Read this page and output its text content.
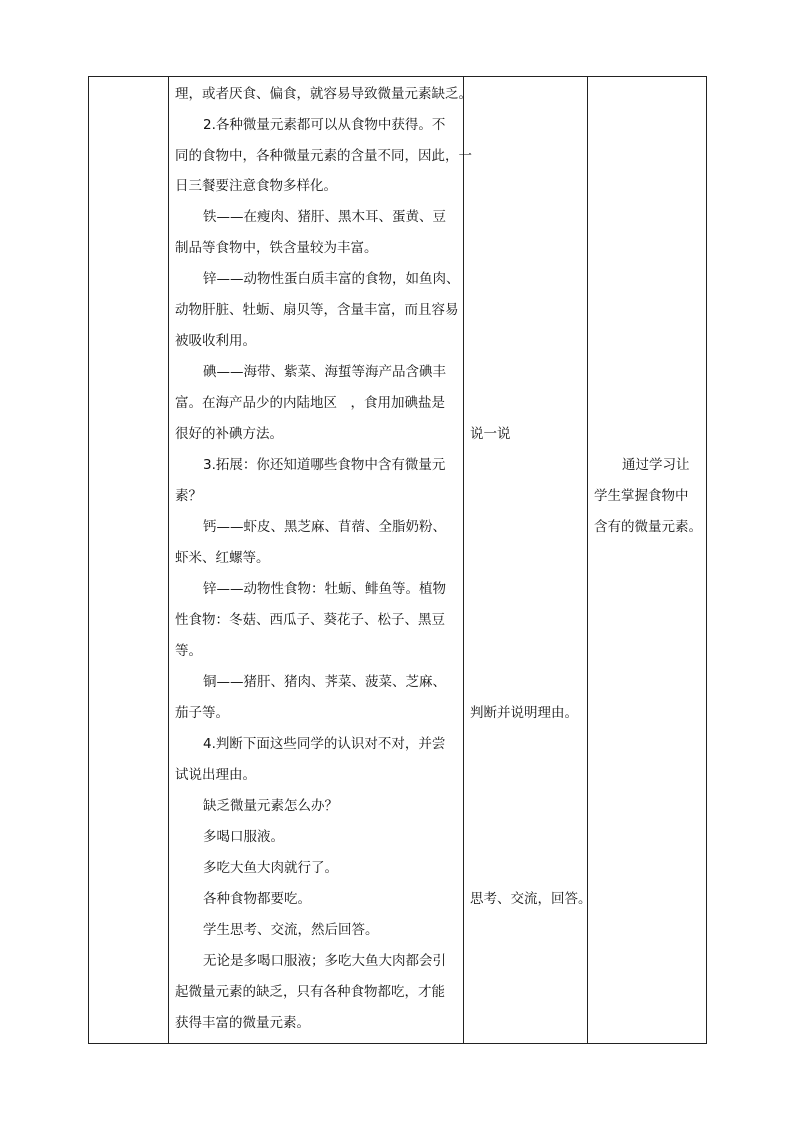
理，或者厌食、偏食，就容易导致微量元素缺乏。
2.各种微量元素都可以从食物中获得。不
同的食物中，各种微量元素的含量不同，因此，一
日三餐要注意食物多样化。
铁——在瘦肉、猪肝、黑木耳、蛋黄、豆
制品等食物中，铁含量较为丰富。
锌——动物性蛋白质丰富的食物，如鱼肉、
动物肝脏、牡蛎、扇贝等，含量丰富，而且容易
被吸收利用。
碘——海带、紫菜、海蜇等海产品含碘丰
富。在海产品少的内陆地区　，食用加碘盐是
很好的补碘方法。
3.拓展：你还知道哪些食物中含有微量元
素？
钙——虾皮、黑芝麻、苜蓿、全脂奶粉、
虾米、红螺等。
锌——动物性食物：牡蛎、鲱鱼等。植物
性食物：冬菇、西瓜子、葵花子、松子、黑豆
等。
铜——猪肝、猪肉、荠菜、菠菜、芝麻、
茄子等。
4.判断下面这些同学的认识对不对，并尝
试说出理由。
缺乏微量元素怎么办？
多喝口服液。
多吃大鱼大肉就行了。
各种食物都要吃。
学生思考、交流，然后回答。
无论是多喝口服液；多吃大鱼大肉都会引
起微量元素的缺乏，只有各种食物都吃，才能
获得丰富的微量元素。
说一说
判断并说明理由。
思考、交流，回答。
通过学习让
学生掌握食物中
含有的微量元素。
